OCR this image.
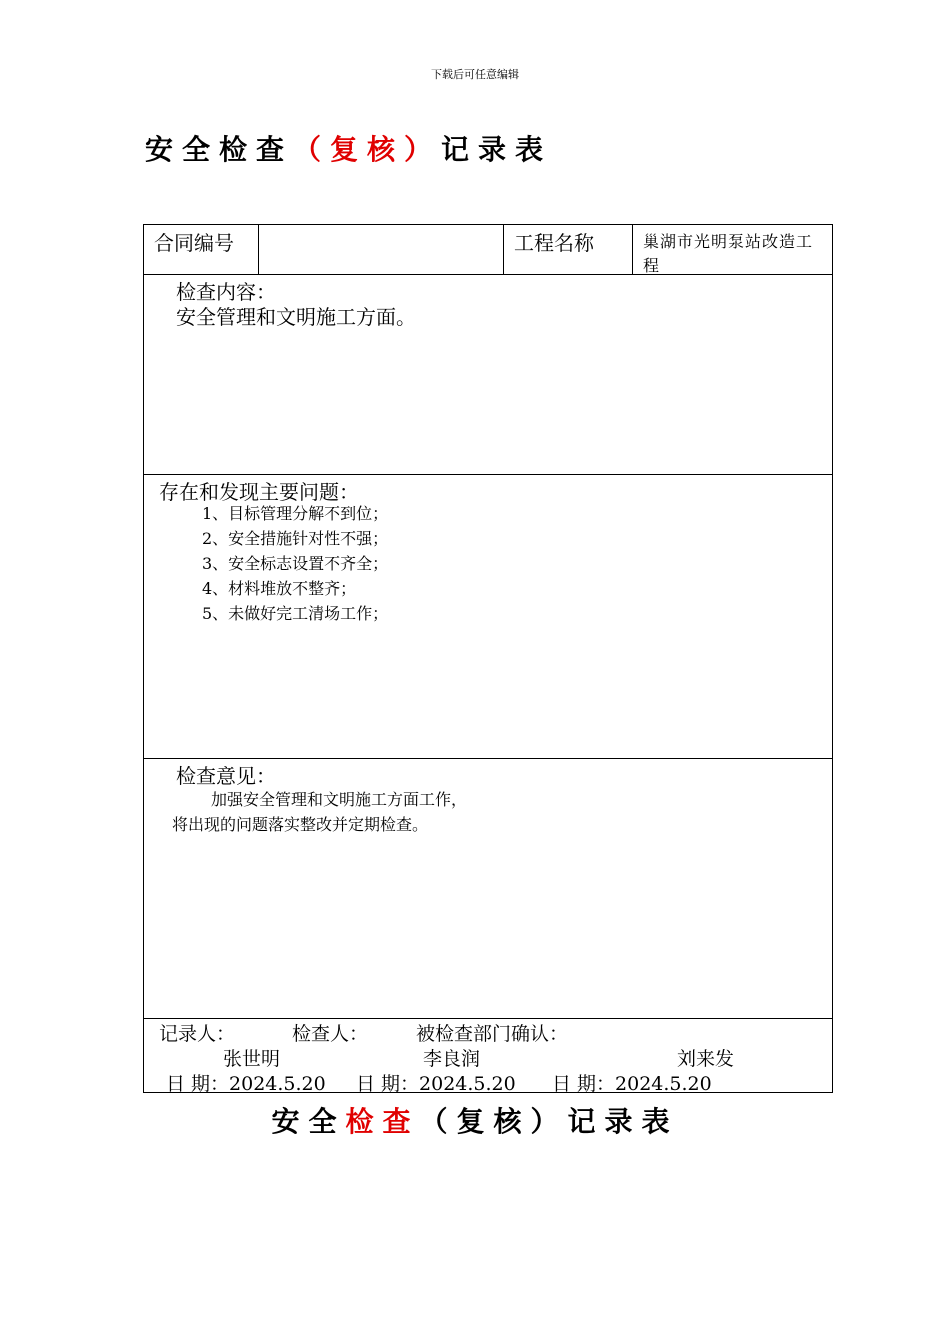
下载后可任意编辑
安全检查（复核）记录表
合同编号	工程名称	巢湖市光明泵站改造工
程
检查内容：
安全管理和文明施工方面。
存在和发现主要问题：
1、目标管理分解不到位；
2、安全措施针对性不强；
3、安全标志设置不齐全；
4、材料堆放不整齐；
5、未做好完工清场工作；
检查意见：
加强安全管理和文明施工方面工作，
将出现的问题落实整改并定期检查。
记录人：	检查人：	被检查部门确认：
张世明	李良润	刘来发
日 期：2024.5.20 日 期：2024.5.20 日 期：2024.5.20
安全检查（复核）记录表
